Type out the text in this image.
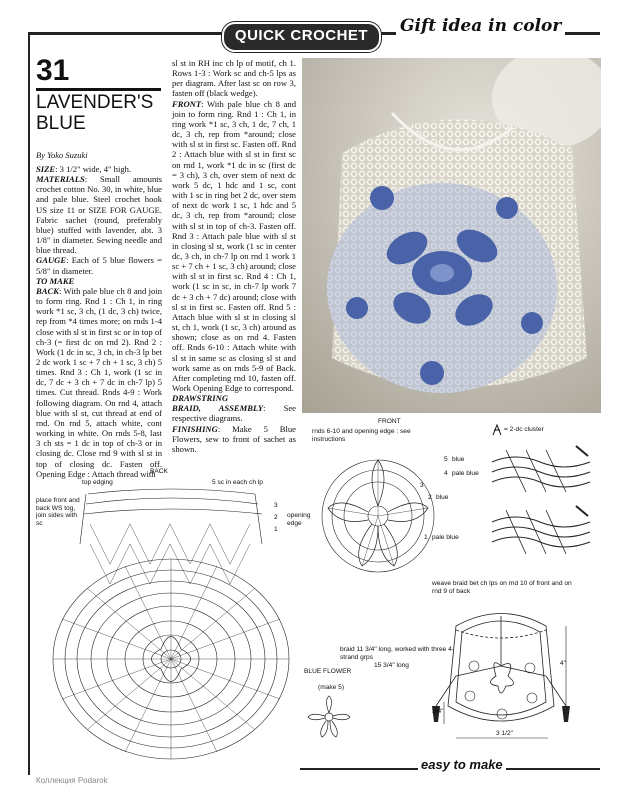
QUICK CROCHET	Gift idea in color
31
LAVENDER'S
BLUE
By Yoko Suzuki

SIZE: 3 1/2" wide, 4" high.

MATERIALS: Small amounts crochet cotton No. 30, in white, blue and pale blue. Steel crochet hook US size 11 or SIZE FOR GAUGE. Fabric sachet (round, preferably blue) stuffed with lavender, abt. 3 1/8" in diameter. Sewing needle and blue thread.

GAUGE: Each of 5 blue flowers = 5/8" in diameter.

TO MAKE

BACK: With pale blue ch 8 and join to form ring. Rnd 1 : Ch 1, in ring work *1 sc, 3 ch, (1 dc, 3 ch) twice, rep from *4 times more; on rnds 1-4 close with sl st in first sc or in top of ch-3 (= first dc on rnd 2). Rnd 2 : Work (1 dc in sc, 3 ch, in ch-3 lp bet 2 dc work 1 sc + 7 ch + 1 sc, 3 ch) 5 times. Rnd 3 : Ch 1, work (1 sc in dc, 7 dc + 3 ch + 7 dc in ch-7 lp) 5 times. Cut thread. Rnds 4-9 : Work following diagram. On rnd 4, attach blue with sl st, cut thread at end of rnd. On rnd 5, attach white, cont working in white. On rnds 5-8, last 3 ch sts = 1 dc in top of ch-3 or in closing dc. Close rnd 9 with sl st in top of closing dc. Fasten off. Opening Edge : Attach thread with

sl st in RH inc ch lp of motif, ch 1. Rows 1-3 : Work sc and ch-5 lps as per diagram. After last sc on row 3, fasten off (black wedge).

FRONT: With pale blue ch 8 and join to form ring. Rnd 1 : Ch 1, in ring work *1 sc, 3 ch, 1 dc, 7 ch, 1 dc, 3 ch, rep from *around; close with sl st in first sc. Fasten off. Rnd 2 : Attach blue with sl st in first sc on rnd 1, work *1 dc in sc (first dc = 3 ch), 3 ch, over stem of next dc work 5 dc, 1 hdc and 1 sc, cont with 1 sc in ring bet 2 dc, over stem of next dc work 1 sc, 1 hdc and 5 dc, 3 ch, rep from *around; close with sl st in top of ch-3. Fasten off. Rnd 3 : Attach pale blue with sl st in closing sl st, work (1 sc in center dc, 3 ch, in ch-7 lp on rnd 1 work 1 sc + 7 ch + 1 sc, 3 ch) around; close with sl st in first sc. Rnd 4 : Ch 1, work (1 sc in sc, in ch-7 lp work 7 dc + 3 ch + 7 dc) around; close with sl st in first sc. Fasten off. Rnd 5 : Attach blue with sl st in closing sl st, ch 1, work (1 sc, 3 ch) around as shown; close as on rnd 4. Fasten off. Rnds 6-10 : Attach white with sl st in same sc as closing sl st and work same as on rnds 5-9 of Back. After completing rnd 10, fasten off. Work Opening Edge to correspond.

DRAWSTRING

BRAID, ASSEMBLY: See respective diagrams.

FINISHING: Make 5 Blue Flowers, sew to front of sachet as shown.

BACK
top edging	5 sc in each ch lp
place front and back WS tog, join sides with sc
opening edge
3
2
1
FRONT
rnds 6-10 and opening edge : see instructions
5 blue
4 pale blue
3
2 blue
1 pale blue
= 2-dc cluster
weave braid bet ch lps on rnd 10 of front and on rnd 9 of back
braid 11 3/4" long, worked with three 4-strand grps
15 3/4" long	4"
3/4"
3 1/2"
BLUE FLOWER
(make 5)
easy to make
Коллекция Podarok
